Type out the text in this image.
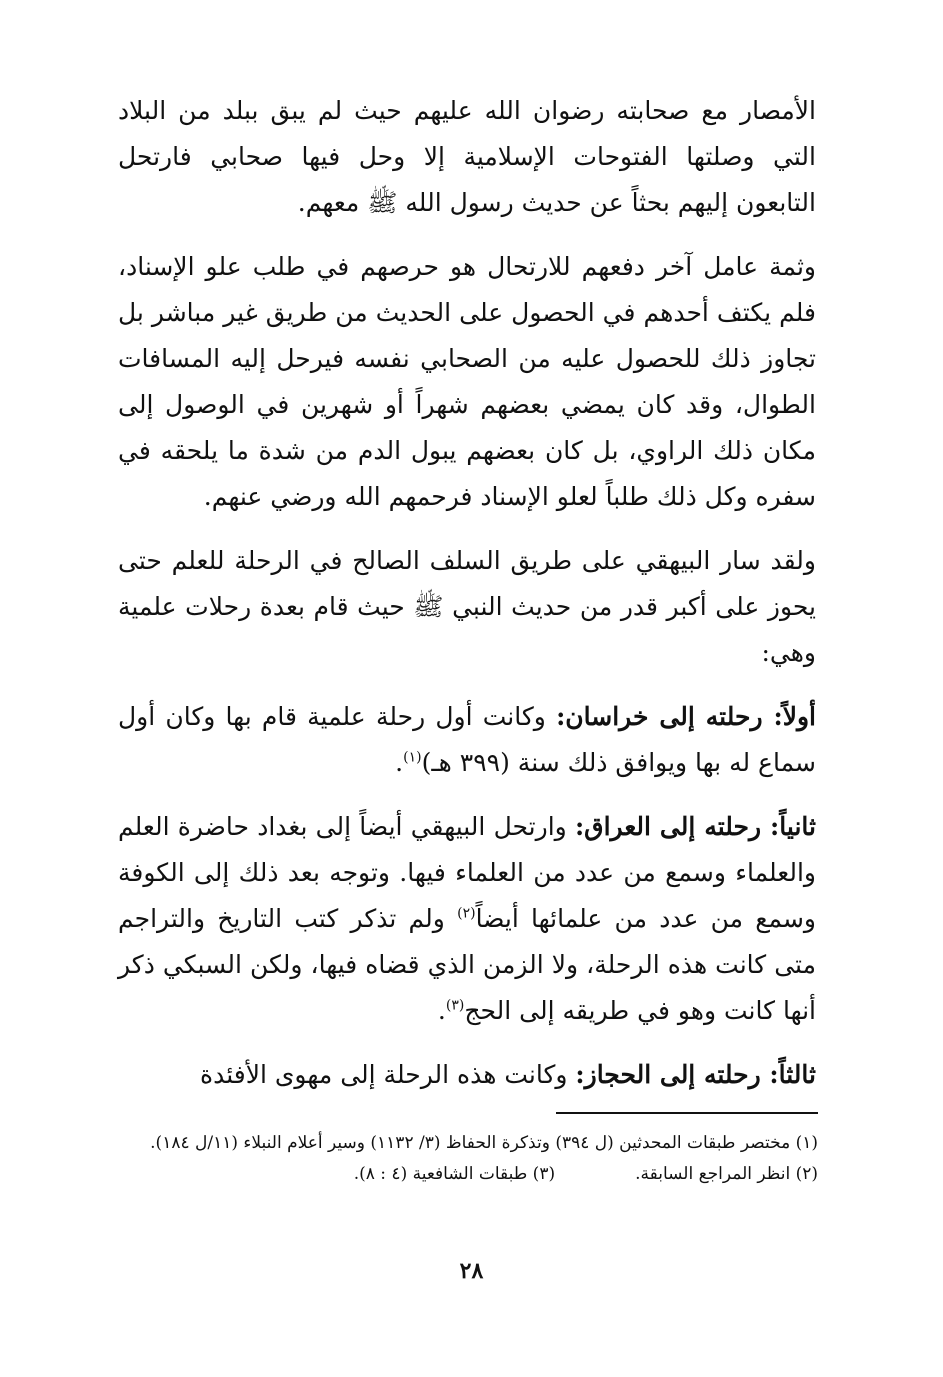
الأمصار مع صحابته رضوان الله عليهم حيث لم يبق ببلد من البلاد التي وصلتها الفتوحات الإسلامية إلا وحل فيها صحابي فارتحل التابعون إليهم بحثاً عن حديث رسول الله ﷺ معهم.

وثمة عامل آخر دفعهم للارتحال هو حرصهم في طلب علو الإسناد، فلم يكتف أحدهم في الحصول على الحديث من طريق غير مباشر بل تجاوز ذلك للحصول عليه من الصحابي نفسه فيرحل إليه المسافات الطوال، وقد كان يمضي بعضهم شهراً أو شهرين في الوصول إلى مكان ذلك الراوي، بل كان بعضهم يبول الدم من شدة ما يلحقه في سفره وكل ذلك طلباً لعلو الإسناد فرحمهم الله ورضي عنهم.

ولقد سار البيهقي على طريق السلف الصالح في الرحلة للعلم حتى يحوز على أكبر قدر من حديث النبي ﷺ حيث قام بعدة رحلات علمية وهي:

أولاً: رحلته إلى خراسان: وكانت أول رحلة علمية قام بها وكان أول سماع له بها ويوافق ذلك سنة (٣٩٩ هـ)$^{(١)}$.

ثانياً: رحلته إلى العراق: وارتحل البيهقي أيضاً إلى بغداد حاضرة العلم والعلماء وسمع من عدد من العلماء فيها. وتوجه بعد ذلك إلى الكوفة وسمع من عدد من علمائها أيضاً$^{(٢)}$ ولم تذكر كتب التاريخ والتراجم متى كانت هذه الرحلة، ولا الزمن الذي قضاه فيها، ولكن السبكي ذكر أنها كانت وهو في طريقه إلى الحج$^{(٣)}$.

ثالثاً: رحلته إلى الحجاز: وكانت هذه الرحلة إلى مهوى الأفئدة

(١) مختصر طبقات المحدثين (ل ٣٩٤) وتذكرة الحفاظ (٣/ ١١٣٢) وسير أعلام النبلاء (١١/ل ١٨٤).

(٢) انظر المراجع السابقة.
(٣) طبقات الشافعية (٤ : ٨).
٢٨
